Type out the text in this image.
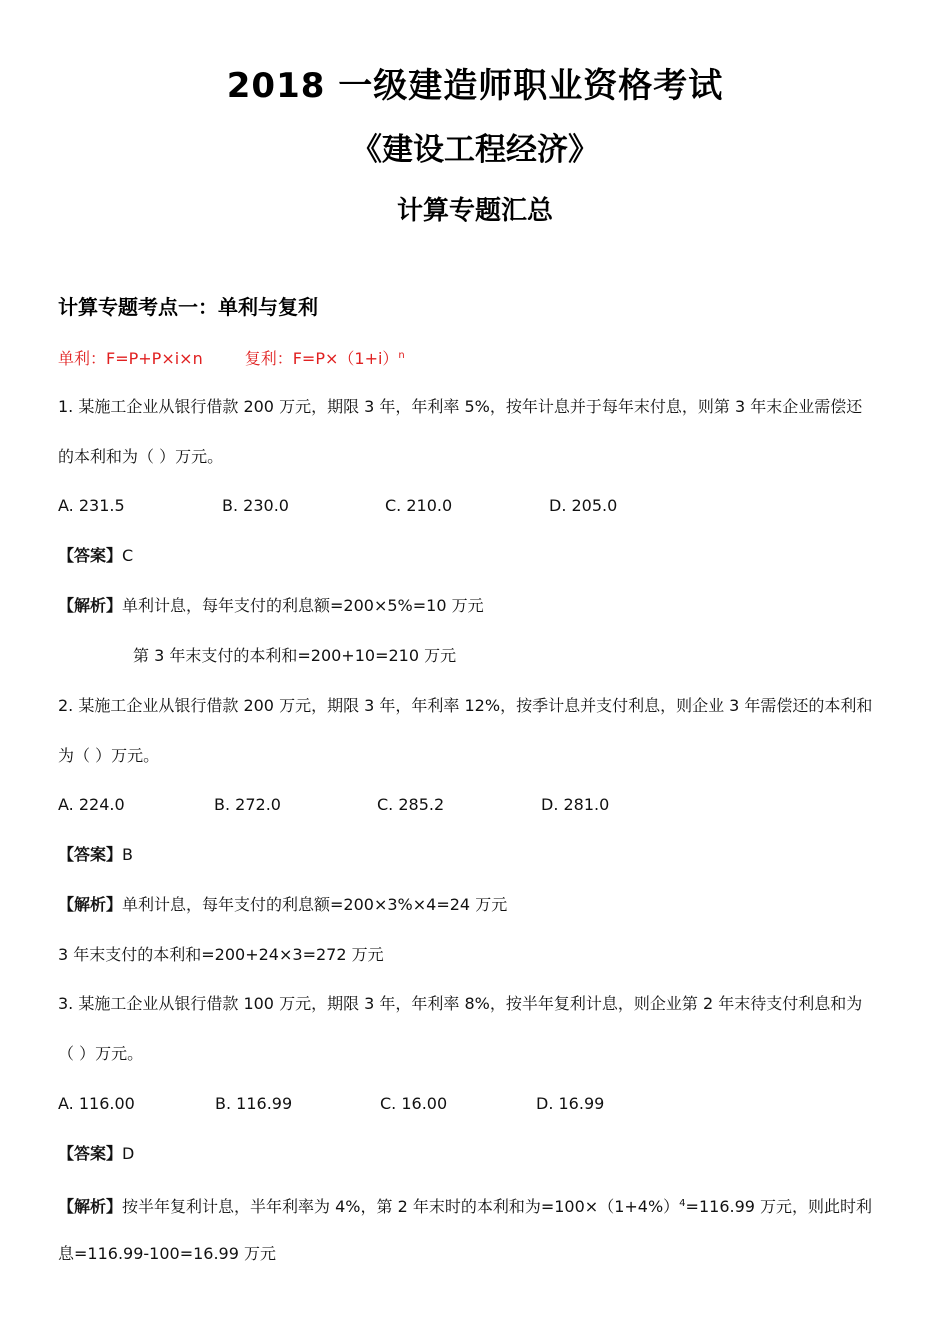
2018 一级建造师职业资格考试
《建设工程经济》
计算专题汇总
计算专题考点一：单利与复利
单利：F=P+P×i×n	复利：$F=P\times(1+i)^n$
1. 某施工企业从银行借款 200 万元，期限 3 年，年利率 5%，按年计息并于每年末付息，则第 3 年末企业需偿还
的本利和为（ ）万元。
A. 231.5	B. 230.0	C. 210.0	D. 205.0
【答案】C
【解析】单利计息，每年支付的利息额=200×5%=10 万元
第 3 年末支付的本利和=200+10=210 万元
2. 某施工企业从银行借款 200 万元，期限 3 年，年利率 12%，按季计息并支付利息，则企业 3 年需偿还的本利和
为（ ）万元。
A. 224.0	B. 272.0	C. 285.2	D. 281.0
【答案】B
【解析】单利计息，每年支付的利息额=200×3%×4=24 万元
3 年末支付的本利和=200+24×3=272 万元
3. 某施工企业从银行借款 100 万元，期限 3 年，年利率 8%，按半年复利计息，则企业第 2 年末待支付利息和为
（ ）万元。
A. 116.00	B. 116.99	C. 16.00	D. 16.99
【答案】D
【解析】按半年复利计息，半年利率为 4%，第 2 年末时的本利和为$=100\times(1+4\%)^4=116.99$ 万元，则此时利
息=116.99-100=16.99 万元
